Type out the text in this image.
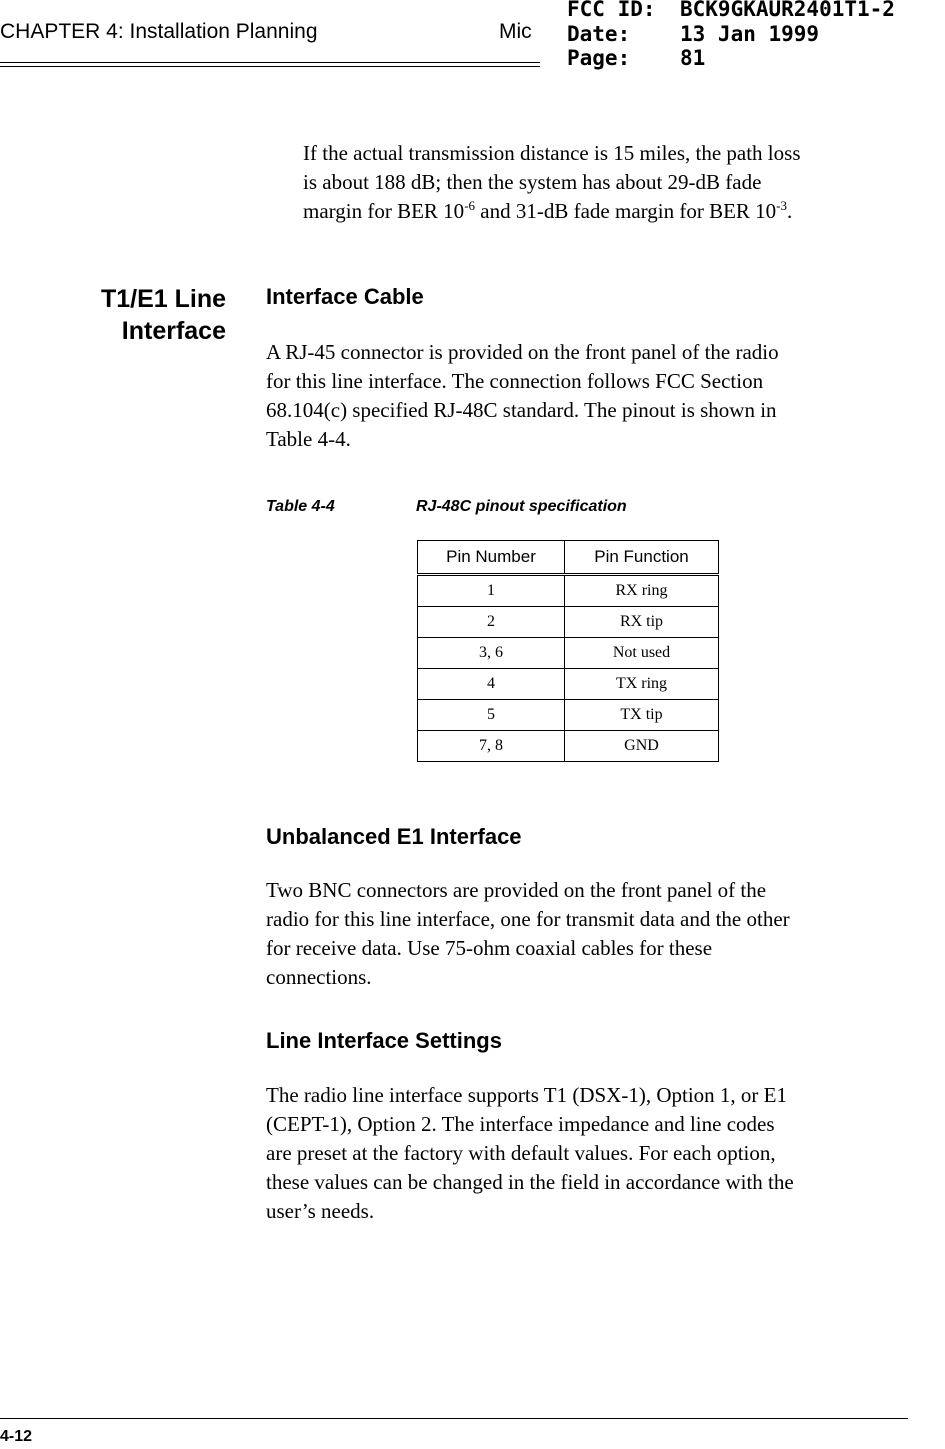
CHAPTER 4: Installation Planning	Mic
FCC ID: BCK9GKAUR2401T1-2
Date: 13 Jan 1999
Page: 81
If the actual transmission distance is 15 miles, the path loss
is about 188 dB; then the system has about 29-dB fade
margin for BER $10^{-6}$ and 31-dB fade margin for BER $10^{-3}$.
T1/E1 Line
Interface
Interface Cable
A RJ-45 connector is provided on the front panel of the radio
for this line interface. The connection follows FCC Section
68.104(c) specified RJ-48C standard. The pinout is shown in
Table 4-4.
Table 4-4	RJ-48C pinout specification
Pin Number	Pin Function
1	RX ring
2	RX tip
3, 6	Not used
4	TX ring
5	TX tip
7, 8	GND
Unbalanced E1 Interface
Two BNC connectors are provided on the front panel of the
radio for this line interface, one for transmit data and the other
for receive data. Use 75-ohm coaxial cables for these
connections.
Line Interface Settings
The radio line interface supports T1 (DSX-1), Option 1, or E1
(CEPT-1), Option 2. The interface impedance and line codes
are preset at the factory with default values. For each option,
these values can be changed in the field in accordance with the
user’s needs.
4-12
